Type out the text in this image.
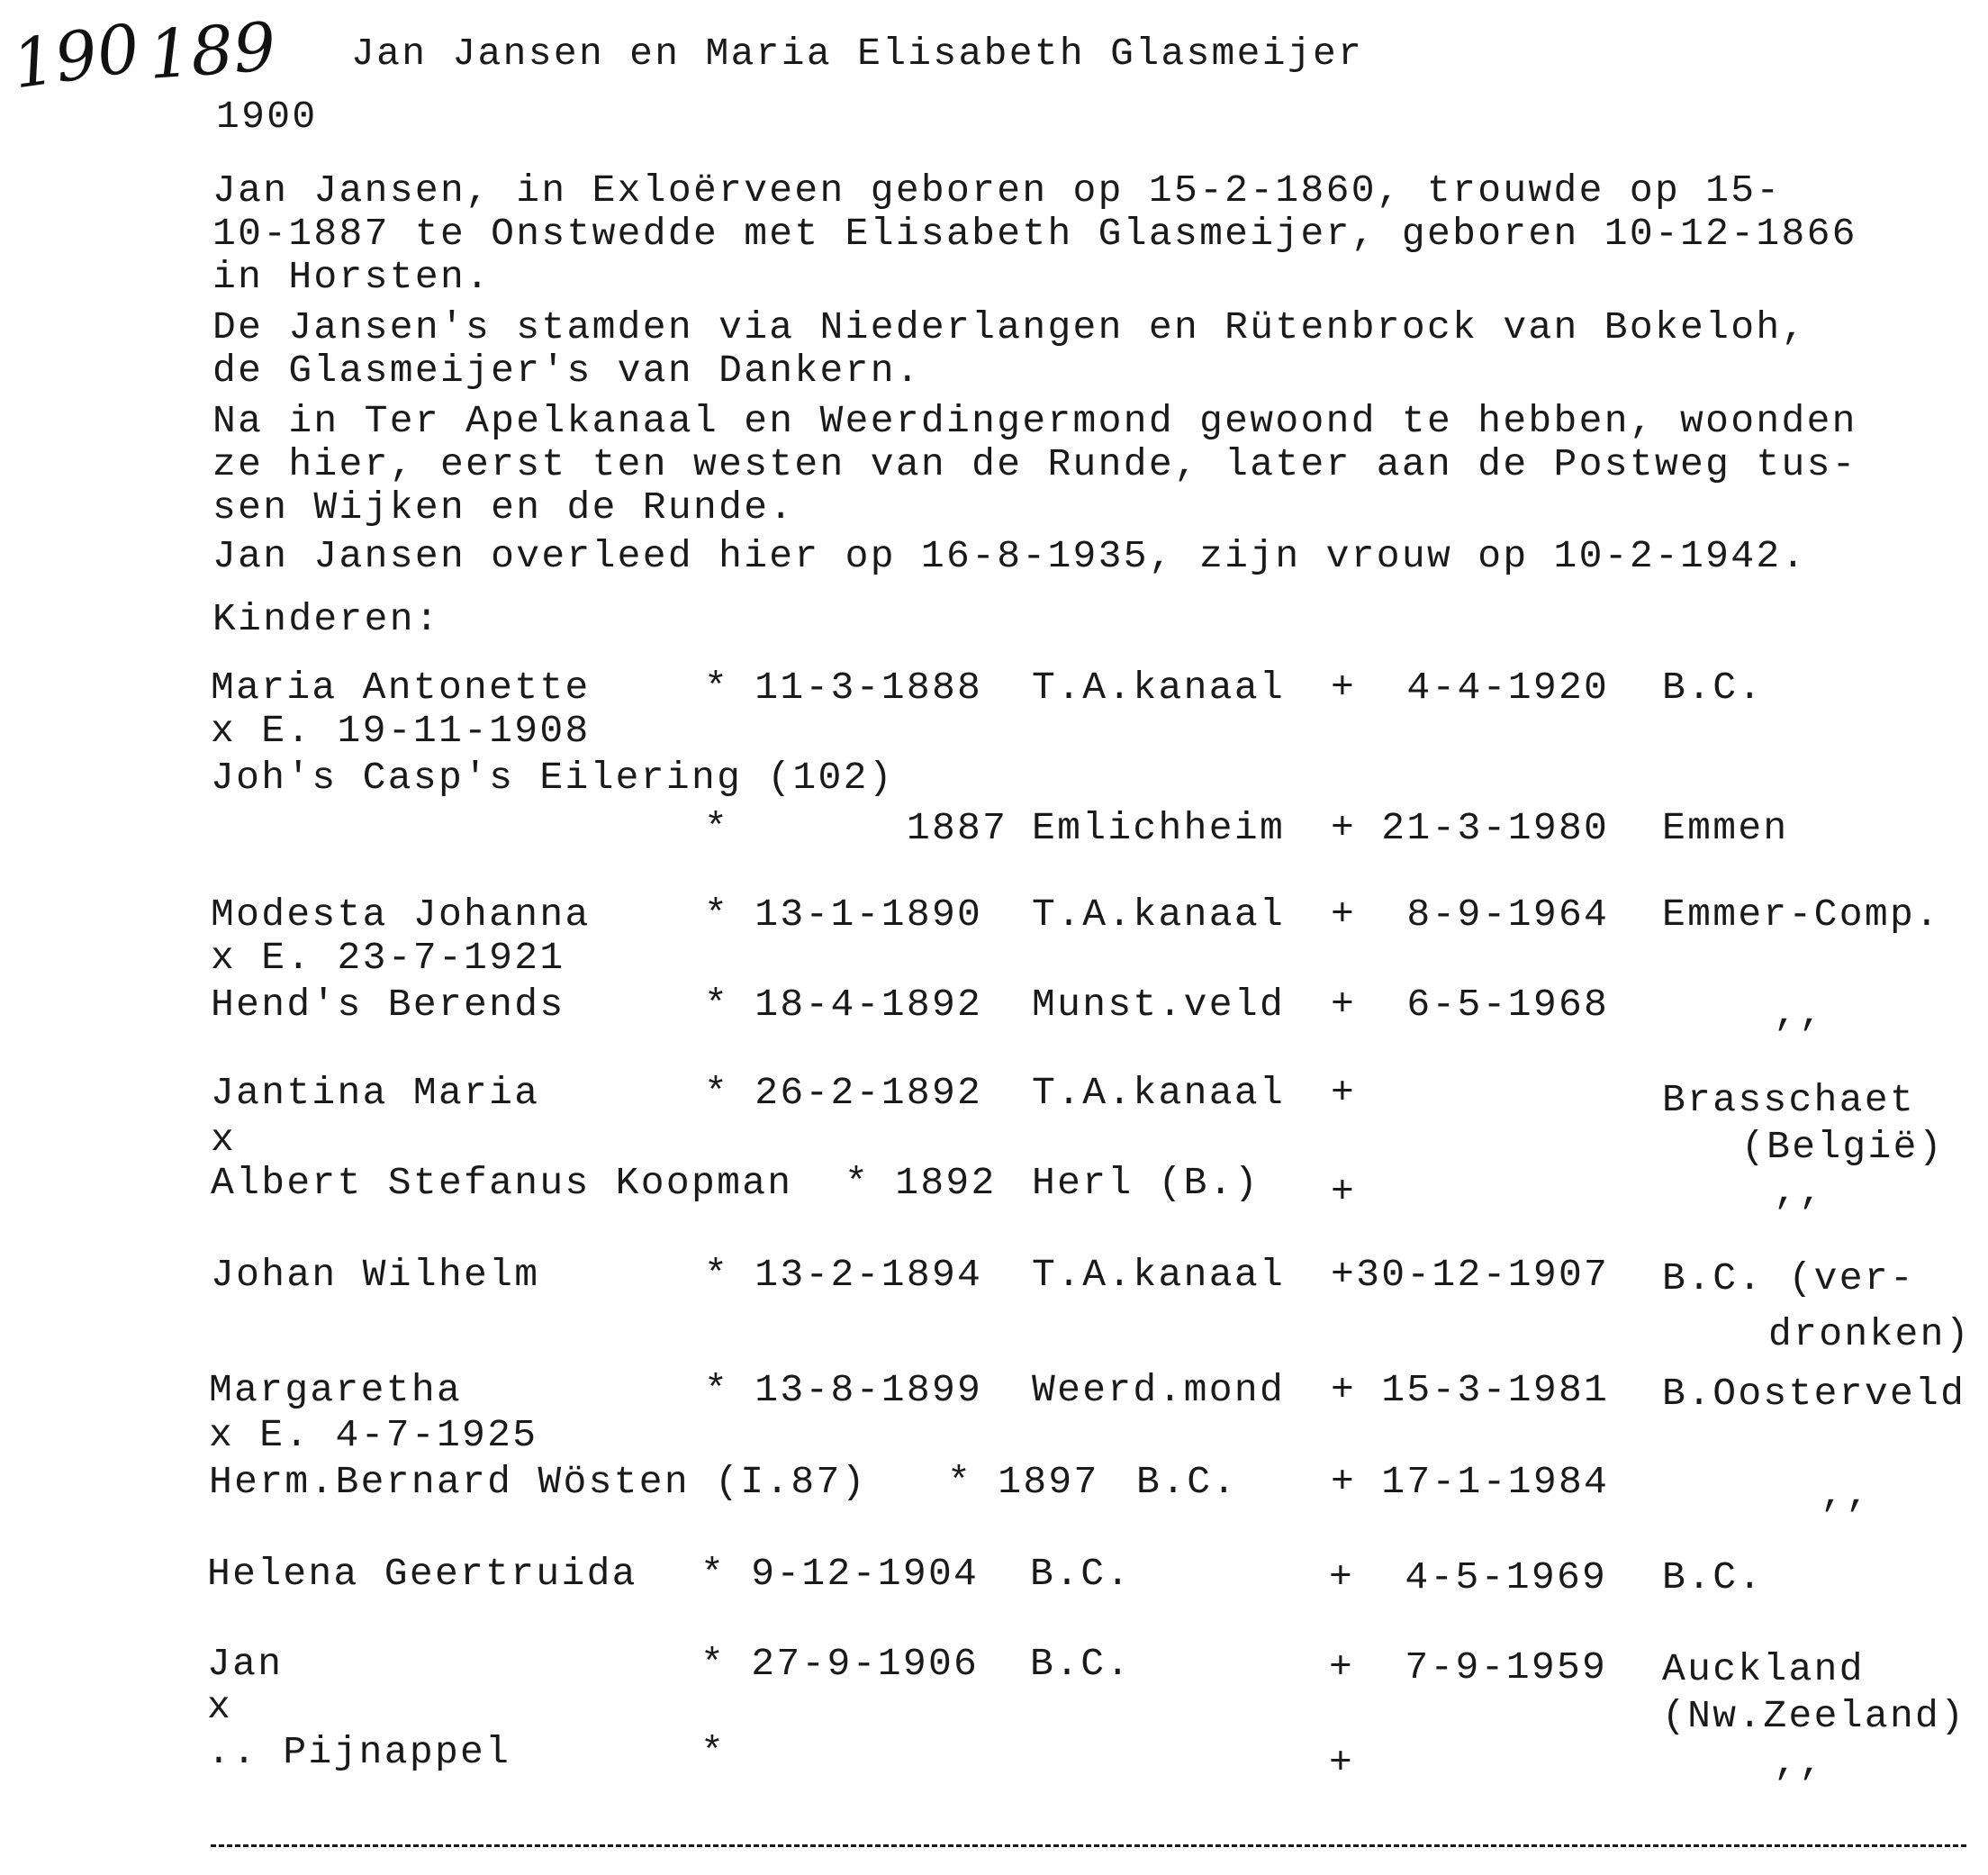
190 189 Jan Jansen en Maria Elisabeth Glasmeijer
1900
Jan Jansen, in Exloërveen geboren op 15-2-1860, trouwde op 15-
10-1887 te Onstwedde met Elisabeth Glasmeijer, geboren 10-12-1866
in Horsten.
De Jansen's stamden via Niederlangen en Rütenbrock van Bokeloh,
de Glasmeijer's van Dankern.
Na in Ter Apelkanaal en Weerdingermond gewoond te hebben, woonden
ze hier, eerst ten westen van de Runde, later aan de Postweg tus-
sen Wijken en de Runde.
Jan Jansen overleed hier op 16-8-1935, zijn vrouw op 10-2-1942.
Kinderen:
Maria Antonette	* 11-3-1888 T.A.kanaal +  4-4-1920 B.C.
x E. 19-11-1908
Joh's Casp's Eilering (102)
*       1887 Emlichheim + 21-3-1980 Emmen
Modesta Johanna	* 13-1-1890 T.A.kanaal +  8-9-1964 Emmer-Comp.
x E. 23-7-1921
Hend's Berends	* 18-4-1892 Munst.veld +  6-5-1968	,,
Jantina Maria	* 26-2-1892 T.A.kanaal +	Brasschaet
x	(België)
Albert Stefanus Koopman * 1892 Herl (B.) +	,,
Johan Wilhelm	* 13-2-1894 T.A.kanaal +30-12-1907 B.C. (ver-
dronken)
Margaretha	* 13-8-1899 Weerd.mond + 15-3-1981 B.Oosterveld
x E. 4-7-1925
Herm.Bernard Wösten (I.87) * 1897 B.C. + 17-1-1984	,,
Helena Geertruida * 9-12-1904 B.C.	+  4-5-1969 B.C.
Jan	* 27-9-1906 B.C.	+  7-9-1959 Auckland
x	(Nw.Zeeland)
.. Pijnappel	*	+	,,
